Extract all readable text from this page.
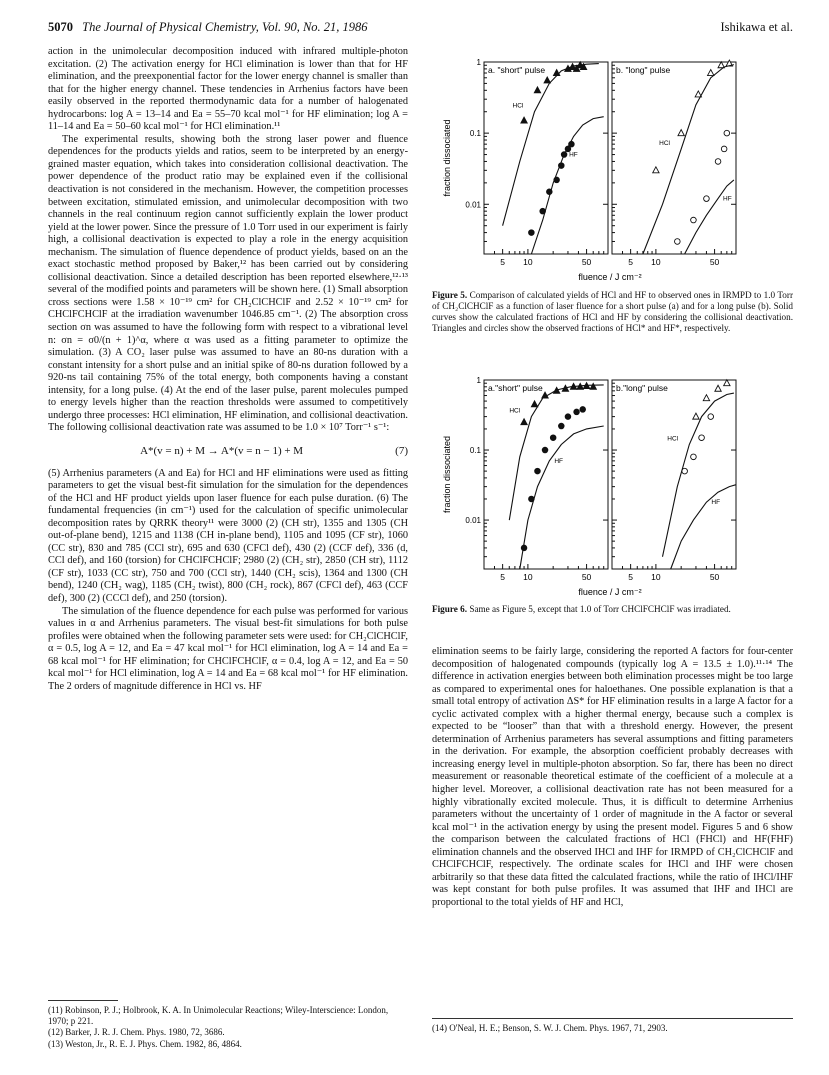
5070 The Journal of Physical Chemistry, Vol. 90, No. 21, 1986	Ishikawa et al.

action in the unimolecular decomposition induced with infrared multiple-photon excitation. (2) The activation energy for HCl elimination is lower than that for HF elimination, and the preexponential factor for the lower energy channel is smaller than that for the higher energy channel. These tendencies in Arrhenius factors have been easily observed in the reported thermodynamic data for a number of halogenated hydrocarbons: log A = 13–14 and Ea = 55–70 kcal mol⁻¹ for HF elimination; log A = 11–14 and Ea = 50–60 kcal mol⁻¹ for HCl elimination.¹¹

The experimental results, showing both the strong laser power and fluence dependences for the products yields and ratios, seem to be interpreted by an energy-grained master equation, which takes into consideration collisional deactivation. The power dependence of the product ratio may be explained even if the collisional deactivation is not considered in the mechanism. However, the competition processes between excitation, stimulated emission, and unimolecular decomposition with two channels in the real continuum region cannot sufficiently explain the lower product yield at the lower power. Since the pressure of 1.0 Torr used in our experiment is fairly high, a collisional deactivation is expected to play a role in the energy acquisition mechanism. The simulation of fluence dependence of product yields, based on an the exact stochastic method proposed by Baker,¹² has been carried out by considering collisional deactivation. Since a detailed description has been reported elsewhere,¹²·¹³ several of the modified points and parameters will be shown here. (1) Small absorption cross sections were 1.58 × 10⁻¹⁹ cm² for CH₂ClCHClF and 2.52 × 10⁻¹⁹ cm² for CHClFCHClF at the irradiation wavenumber 1046.85 cm⁻¹. (2) The absorption cross section σn was assumed to have the following form with respect to a vibrational level n: σn = σ0/(n + 1)^α, where α was used as a fitting parameter to optimize the simulation. (3) A CO₂ laser pulse was assumed to have an 80-ns duration with a constant intensity for a short pulse and an initial spike of 80-ns duration followed by a 920-ns tail containing 75% of the total energy, both components having a constant intensity, for a long pulse. (4) At the end of the laser pulse, parent molecules pumped to energy levels higher than the reaction thresholds were assumed to competitively undergo three processes: HCl elimination, HF elimination, and collisional deactivation. The following collisional deactivation rate was assumed to be 1.0 × 10⁷ Torr⁻¹ s⁻¹:

A*(v = n) + M → A*(v = n − 1) + M	(7)

(5) Arrhenius parameters (A and Ea) for HCl and HF eliminations were used as fitting parameters to get the visual best-fit simulation for the simulation for the dependences of the HCl and HF product yields upon laser fluence for each pulse duration. (6) The fundamental frequencies (in cm⁻¹) used for the calculation of specific unimolecular decomposition rates by QRRK theory¹¹ were 3000 (2) (CH str), 1355 and 1305 (CH out-of-plane bend), 1215 and 1138 (CH in-plane bend), 1105 and 1095 (CF str), 1060 (CC str), 830 and 785 (CCl str), 695 and 630 (CFCl def), 430 (2) (CCF def), 336 (d, CCl def), and 160 (torsion) for CHClFCHClF; 2980 (2) (CH₂ str), 2850 (CH str), 1112 (CF str), 1033 (CC str), 750 and 700 (CCl str), 1440 (CH₂ scis), 1364 and 1300 (CH bend), 1240 (CH₂ wag), 1185 (CH₂ twist), 800 (CH₂ rock), 867 (CFCl def), 463 (CCF def), 300 (2) (CCCl def), and 250 (torsion).

The simulation of the fluence dependence for each pulse was performed for various values in α and Arrhenius parameters. The visual best-fit simulations for both pulse profiles were obtained when the following parameter sets were used: for CH₂ClCHClF, α = 0.5, log A = 12, and Ea = 47 kcal mol⁻¹ for HCl elimination, log A = 14 and Ea = 68 kcal mol⁻¹ for HF elimination; for CHClFCHClF, α = 0.4, log A = 12, and Ea = 50 kcal mol⁻¹ for HCl elimination, log A = 14 and Ea = 68 kcal mol⁻¹ for HF elimination. The 2 orders of magnitude difference in HCl vs. HF

(11) Robinson, P. J.; Holbrook, K. A. In Unimolecular Reactions; Wiley-Interscience: London, 1970; p 221.
(12) Barker, J. R. J. Chem. Phys. 1980, 72, 3686.
(13) Weston, Jr., R. E. J. Phys. Chem. 1982, 86, 4864.
fraction dissociated
1
0.1
0.01
5 10	50
a. "short" pulse
HCl
HF
5 10	50
b. "long" pulse
HCl
HF
fluence / J cm⁻²
Figure 5. Comparison of calculated yields of HCl and HF to observed ones in IRMPD to 1.0 Torr of CH₂ClCHClF as a function of laser fluence for a short pulse (a) and for a long pulse (b). Solid curves show the calculated fractions of HCl and HF by considering the collisional deactivation. Triangles and circles show the observed fractions of HCl* and HF*, respectively.
fraction dissociated
1
0.1
0.01
5 10	50
a."short" pulse
HCl
HF
5 10	50
b."long" pulse
HCl
HF
fluence / J cm⁻²
Figure 6. Same as Figure 5, except that 1.0 of Torr CHClFCHClF was irradiated.

elimination seems to be fairly large, considering the reported A factors for four-center decomposition of halogenated compounds (typically log A = 13.5 ± 1.0).¹¹·¹⁴ The difference in activation energies between both elimination processes might be too large as compared to experimental ones for haloethanes. One possible explanation is that a small total entropy of activation ΔS* for HF elimination results in a large A factor for a cyclic activated complex with a higher thermal energy, because such a complex is expected to be “looser” than that with a threshold energy. However, the present determination of Arrhenius parameters has several assumptions and fitting parameters in the derivation. For example, the absorption coefficient probably decreases with increasing energy level in multiple-photon absorption. So far, there has been no direct measurement or reasonable theoretical estimate of the coefficient of a molecule at a higher level. Moreover, a collisional deactivation rate has not been measured for a highly vibrationally excited molecule. Thus, it is difficult to determine Arrhenius parameters without the uncertainty of 1 order of magnitude in the A factor or several kcal mol⁻¹ in the activation energy by using the present model. Figures 5 and 6 show the comparison between the calculated fractions of HCl (FHCl) and HF(FHF) elimination channels and the observed IHCl and IHF for IRMPD of CH₂ClCHClF and CHClFCHClF, respectively. The ordinate scales for IHCl and IHF were chosen arbitrarily so that these data fitted the calculated fractions, while the ratio of IHCl/IHF was kept constant for both pulse profiles. It was assumed that IHF and IHCl are proportional to the total yields of HF and HCl,

(14) O'Neal, H. E.; Benson, S. W. J. Chem. Phys. 1967, 71, 2903.
